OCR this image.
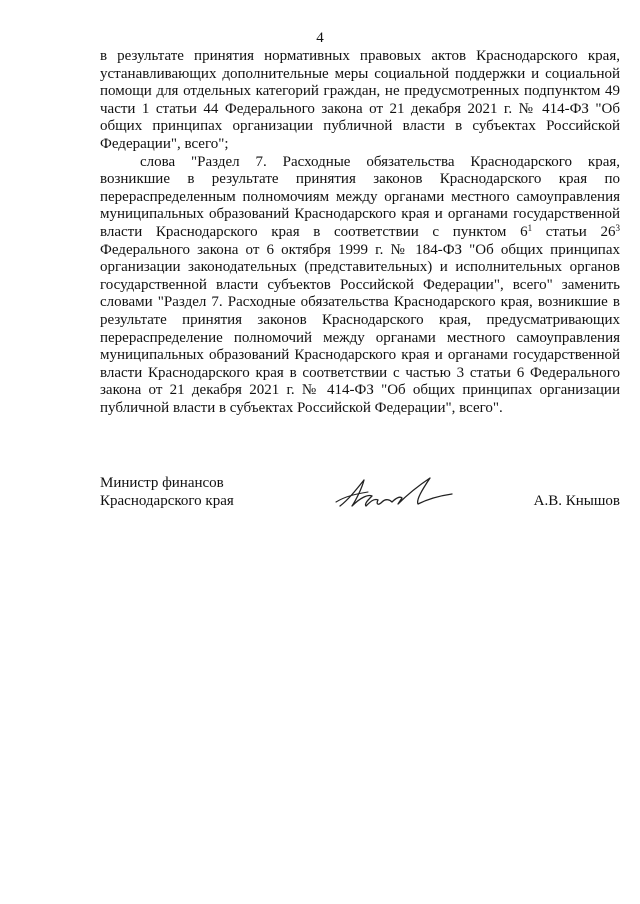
4

в результате принятия нормативных правовых актов Краснодарского края, устанавливающих дополнительные меры социальной поддержки и социальной помощи для отдельных категорий граждан, не предусмотренных подпунктом 49 части 1 статьи 44 Федерального закона от 21 декабря 2021 г. № 414-ФЗ "Об общих принципах организации публичной власти в субъектах Российской Федерации", всего";

слова "Раздел 7. Расходные обязательства Краснодарского края, возникшие в результате принятия законов Краснодарского края по перераспределенным полномочиям между органами местного самоуправления муниципальных образований Краснодарского края и органами государственной власти Краснодарского края в соответствии с пунктом $6^1$ статьи $26^3$ Федерального закона от 6 октября 1999 г. № 184-ФЗ "Об общих принципах организации законодательных (представительных) и исполнительных органов государственной власти субъектов Российской Федерации", всего" заменить словами "Раздел 7. Расходные обязательства Краснодарского края, возникшие в результате принятия законов Краснодарского края, предусматривающих перераспределение полномочий между органами местного самоуправления муниципальных образований Краснодарского края и органами государственной власти Краснодарского края в соответствии с частью 3 статьи 6 Федерального закона от 21 декабря 2021 г. № 414-ФЗ "Об общих принципах организации публичной власти в субъектах Российской Федерации", всего".

Министр финансов
Краснодарского края	А.В. Кнышов
